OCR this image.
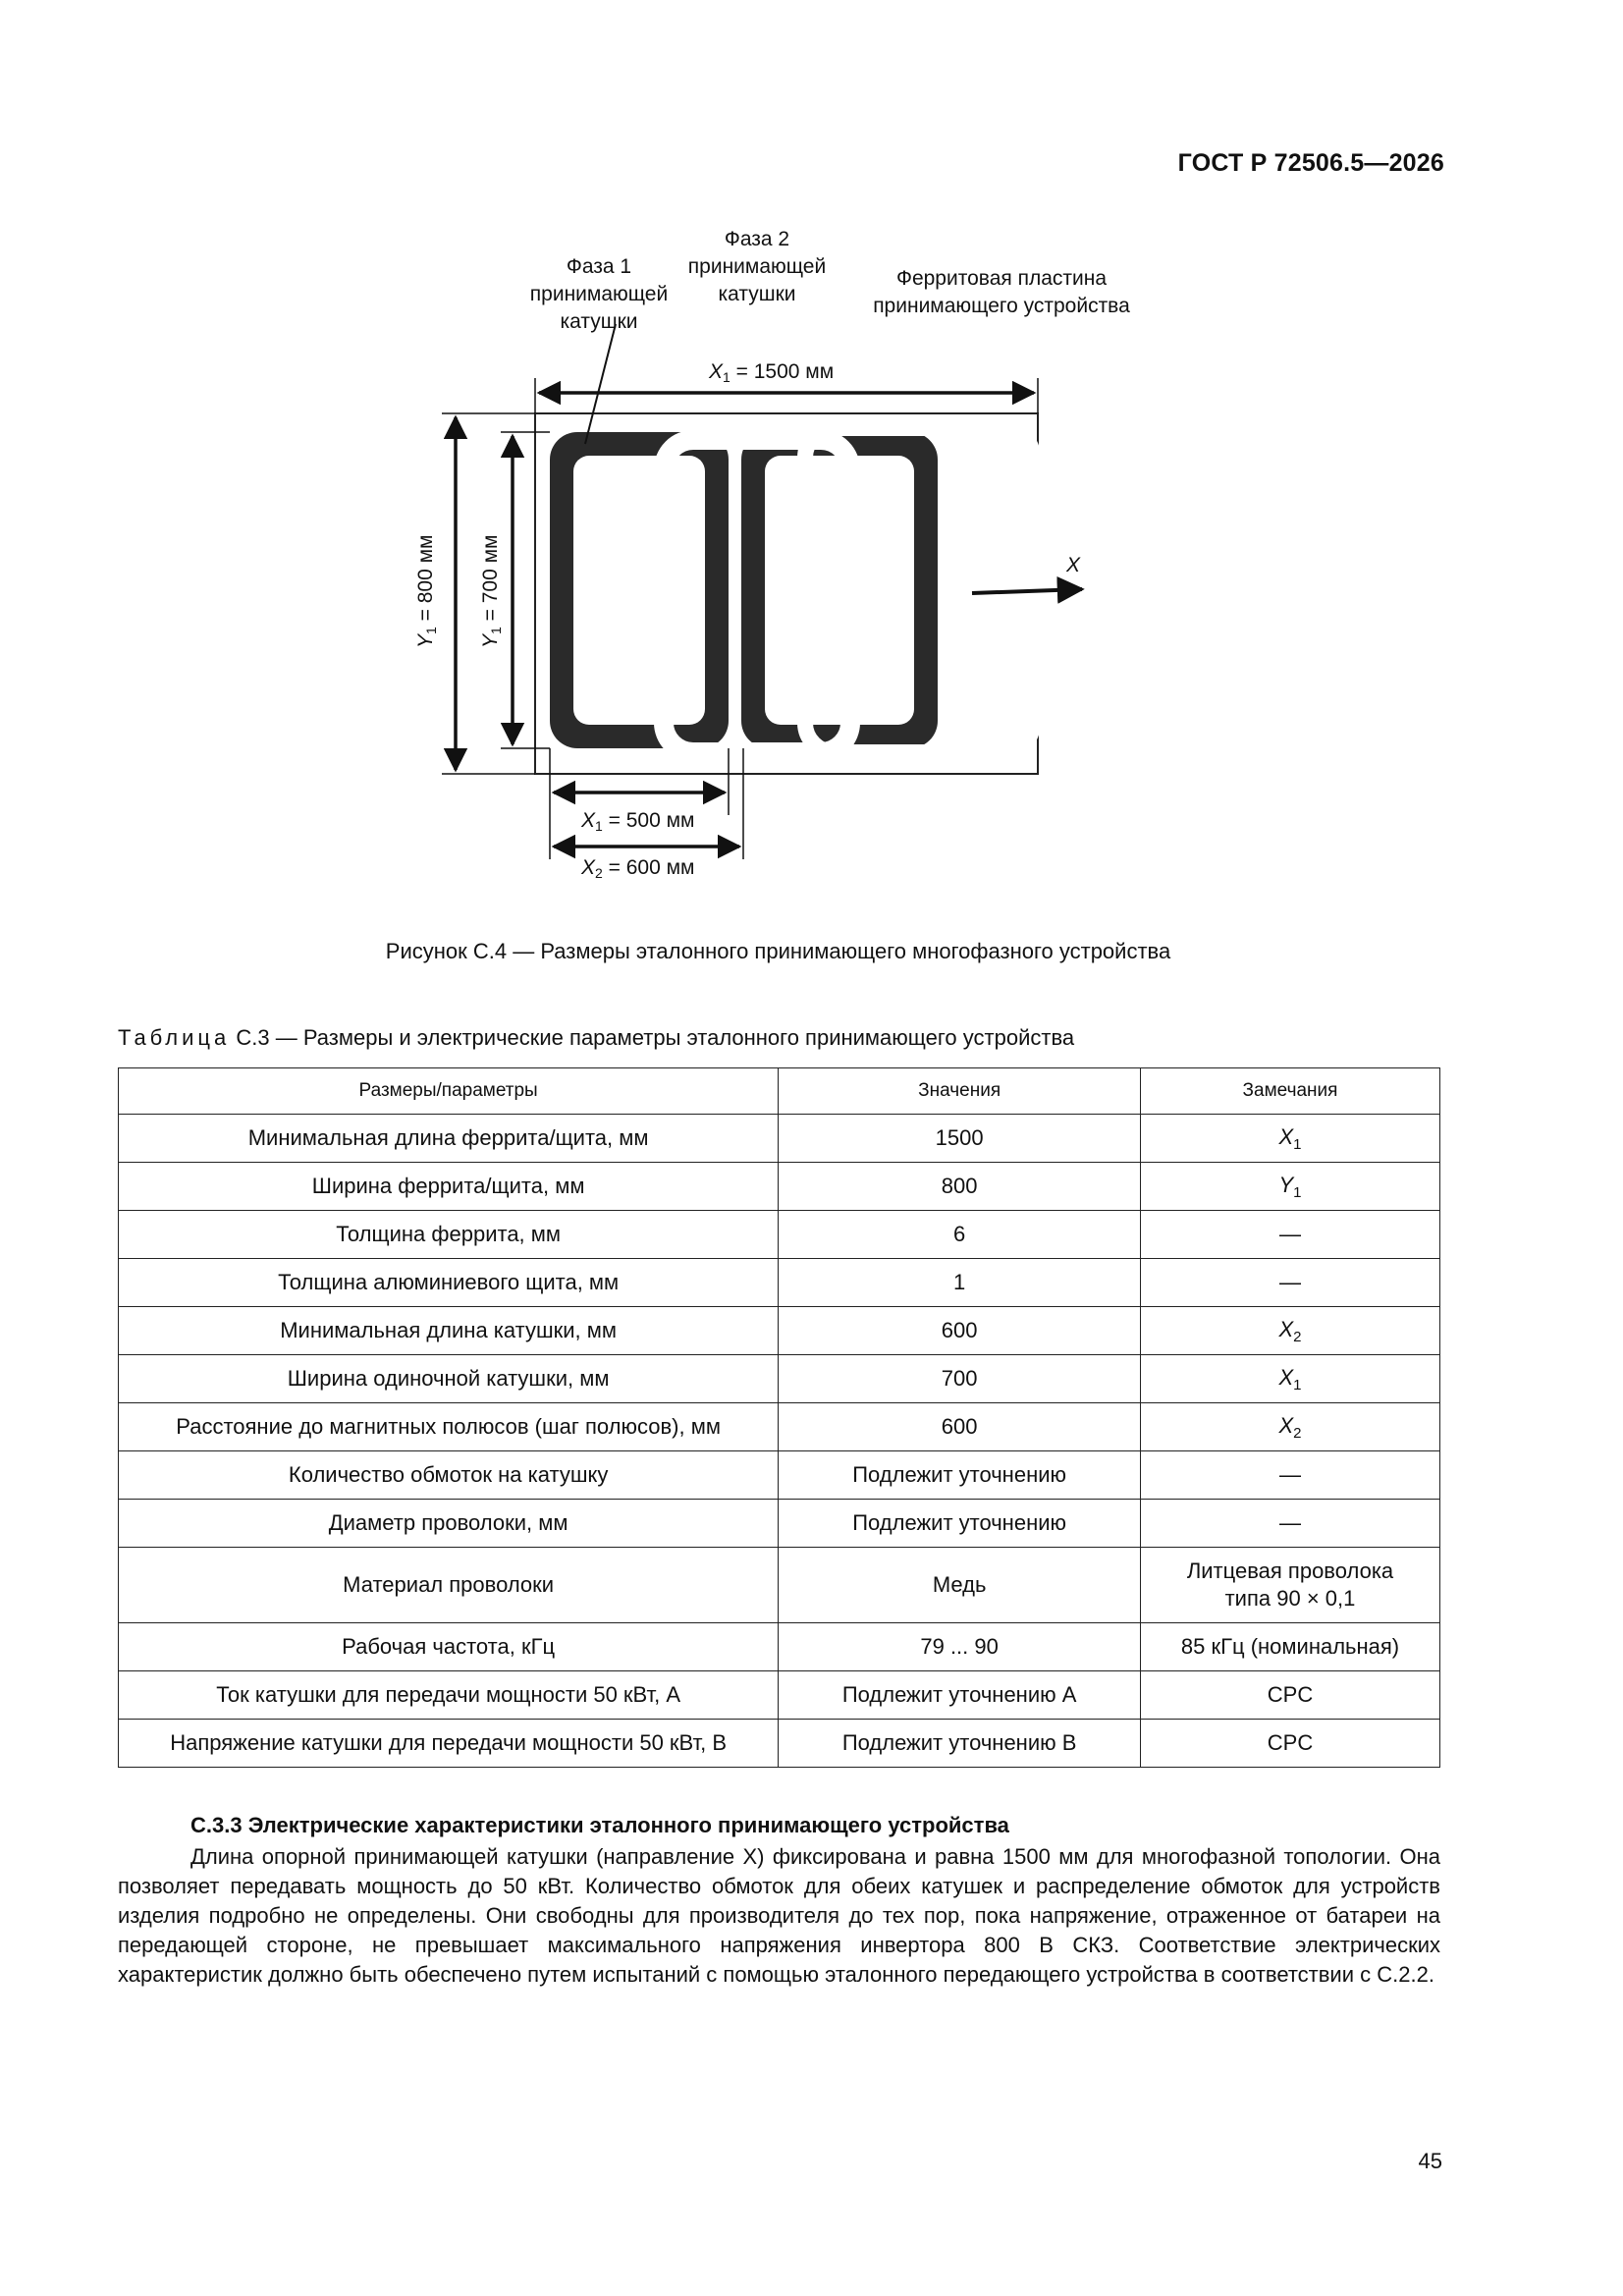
ГОСТ Р 72506.5—2026
Фаза 1
принимающей
катушки
Фаза 2
принимающей
катушки
Ферритовая пластина
принимающего устройства
$X_1 = 1500$ мм
$Y_1 = 800$ мм
$Y_1 = 700$ мм
$X_1 = 500$ мм
$X_2 = 600$ мм
X
Рисунок С.4 — Размеры эталонного принимающего многофазного устройства
Таблица С.3 — Размеры и электрические параметры эталонного принимающего устройства
Размеры/параметры	Значения	Замечания
Минимальная длина феррита/щита, мм	1500	$X_1$
Ширина феррита/щита, мм	800	$Y_1$
Толщина феррита, мм	6	—
Толщина алюминиевого щита, мм	1	—
Минимальная длина катушки, мм	600	$X_2$
Ширина одиночной катушки, мм	700	$X_1$
Расстояние до магнитных полюсов (шаг полюсов), мм	600	$X_2$
Количество обмоток на катушку	Подлежит уточнению	—
Диаметр проволоки, мм	Подлежит уточнению	—
Материал проволоки	Медь	Литцевая проволока
типа 90 × 0,1
Рабочая частота, кГц	79 ... 90	85 кГц (номинальная)
Ток катушки для передачи мощности 50 кВт, А	Подлежит уточнению А	CPC
Напряжение катушки для передачи мощности 50 кВт, В	Подлежит уточнению В	CPC
С.3.3 Электрические характеристики эталонного принимающего устройства
Длина опорной принимающей катушки (направление X) фиксирована и равна 1500 мм для многофазной топологии. Она позволяет передавать мощность до 50 кВт. Количество обмоток для обеих катушек и распределение обмоток для устройств изделия подробно не определены. Они свободны для производителя до тех пор, пока напряжение, отраженное от батареи на передающей стороне, не превышает максимального напряжения инвертора 800 В СКЗ. Соответствие электрических характеристик должно быть обеспечено путем испытаний с помощью эталонного передающего устройства в соответствии с С.2.2.
45
